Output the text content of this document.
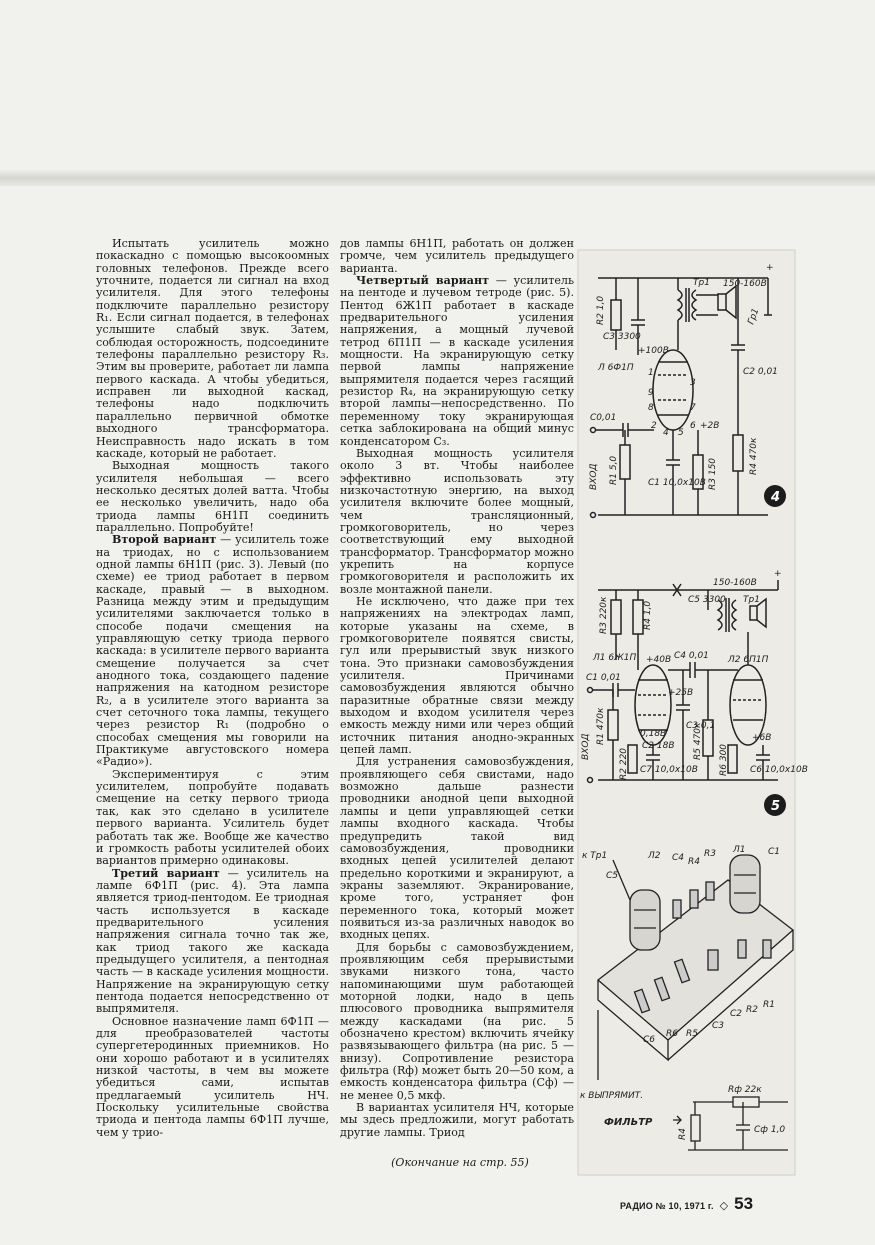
Испытать усилитель можно покаскадно с помощью высокоомных головных телефонов. Прежде всего уточните, подается ли сигнал на вход усилителя. Для этого телефоны подключите параллельно резистору R₁. Если сигнал подается, в телефонах услышите слабый звук. Затем, соблюдая осторожность, подсоедините телефоны параллельно резистору R₃. Этим вы проверите, работает ли лампа первого каскада. А чтобы убедиться, исправен ли выходной каскад, телефоны надо подключить параллельно первичной обмотке выходного трансформатора. Неисправность надо искать в том каскаде, который не работает.

Выходная мощность такого усилителя небольшая — всего несколько десятых долей ватта. Чтобы ее несколько увеличить, надо оба триода лампы 6Н1П соединить параллельно. Попробуйте!

Второй вариант — усилитель тоже на триодах, но с использованием одной лампы 6Н1П (рис. 3). Левый (по схеме) ее триод работает в первом каскаде, правый — в выходном. Разница между этим и предыдущим усилителями заключается только в способе подачи смещения на управляющую сетку триода первого каскада: в усилителе первого варианта смещение получается за счет анодного тока, создающего падение напряжения на катодном резисторе R₂, а в усилителе этого варианта за счет сеточного тока лампы, текущего через резистор R₁ (подробно о способах смещения мы говорили на Практикуме августовского номера «Радио»).

Экспериментируя с этим усилителем, попробуйте подавать смещение на сетку первого триода так, как это сделано в усилителе первого варианта. Усилитель будет работать так же. Вообще же качество и громкость работы усилителей обоих вариантов примерно одинаковы.

Третий вариант — усилитель на лампе 6Ф1П (рис. 4). Эта лампа является триод-пентодом. Ее триодная часть используется в каскаде предварительного усиления напряжения сигнала точно так же, как триод такого же каскада предыдущего усилителя, а пентодная часть — в каскаде усиления мощности. Напряжение на экранирующую сетку пентода подается непосредственно от выпрямителя.

Основное назначение ламп 6Ф1П — для преобразователей частоты супергетеродинных приемников. Но они хорошо работают и в усилителях низкой частоты, в чем вы можете убедиться сами, испытав предлагаемый усилитель НЧ. Поскольку усилительные свойства триода и пентода лампы 6Ф1П лучше, чем у трио-

дов лампы 6Н1П, работать он должен громче, чем усилитель предыдущего варианта.

Четвертый вариант — усилитель на пентоде и лучевом тетроде (рис. 5). Пентод 6Ж1П работает в каскаде предварительного усиления напряжения, а мощный лучевой тетрод 6П1П — в каскаде усиления мощности. На экранирующую сетку первой лампы напряжение выпрямителя подается через гасящий резистор R₄, на экранирующую сетку второй лампы—непосредственно. По переменному току экранирующая сетка заблокирована на общий минус конденсатором C₃.

Выходная мощность усилителя около 3 вт. Чтобы наиболее эффективно использовать эту низкочастотную энергию, на выход усилителя включите более мощный, чем трансляционный, громкоговоритель, но через соответствующий ему выходной трансформатор. Трансформатор можно укрепить на корпусе громкоговорителя и расположить их возле монтажной панели.

Не исключено, что даже при тех напряжениях на электродах ламп, которые указаны на схеме, в громкоговорителе появятся свисты, гул или прерывистый звук низкого тона. Это признаки самовозбуждения усилителя. Причинами самовозбуждения являются обычно паразитные обратные связи между выходом и входом усилителя через емкость между ними или через общий источник питания анодно-экранных цепей ламп.

Для устранения самовозбуждения, проявляющего себя свистами, надо возможно дальше разнести проводники анодной цепи выходной лампы и цепи управляющей сетки лампы входного каскада. Чтобы предупредить такой вид самовозбуждения, проводники входных цепей усилителей делают предельно короткими и экранируют, а экраны заземляют. Экранирование, кроме того, устраняет фон переменного тока, который может появиться из-за различных наводок во входных цепях.

Для борьбы с самовозбуждением, проявляющим себя прерывистыми звуками низкого тона, часто напоминающими шум работающей моторной лодки, надо в цепь плюсового проводника выпрямителя между каскадами (на рис. 5 обозначено крестом) включить ячейку развязывающего фильтра (на рис. 5 — внизу). Сопротивление резистора фильтра (Rф) может быть 20—50 ком, а емкость конденсатора фильтра (Cф) — не менее 0,5 мкф.

В вариантах усилителя НЧ, которые мы здесь предложили, могут работать другие лампы. Триод

(Окончание на стр. 55)
150-160В
+
Тр1
Гр1
R2 1,0
C3 3300
+100В
C2 0,01
Л 6Ф1П
C0,01
9
3
8	7
4 5
2	6
1
+2В
R1 5,0
ВХОД	C1 10,0х10В R3 150	R4 470к
4
150-160В
+
Тр1
R3 220к	R4 1,0
C5 3300
C4 0,01
+40В
Л1 6Ж1П	Л2 6П1П
C1 0,01
+25В
C3 0,1
0,18В	+6В
R1 470к
ВХОД
R2 220 C7 10,0х10В
C2 18В R5 470к R6 300 C6 10,0х10В
5
к Тр1
C5
Л2 C4 R4
R3 Л1	C1
C6
R6 R5
C3
C2 R2 R1
к ВЫПРЯМИТ.
Rф 22к
ФИЛЬТР
Сф 1,0
R4
РАДИО № 10, 1971 г. ◇ 53
